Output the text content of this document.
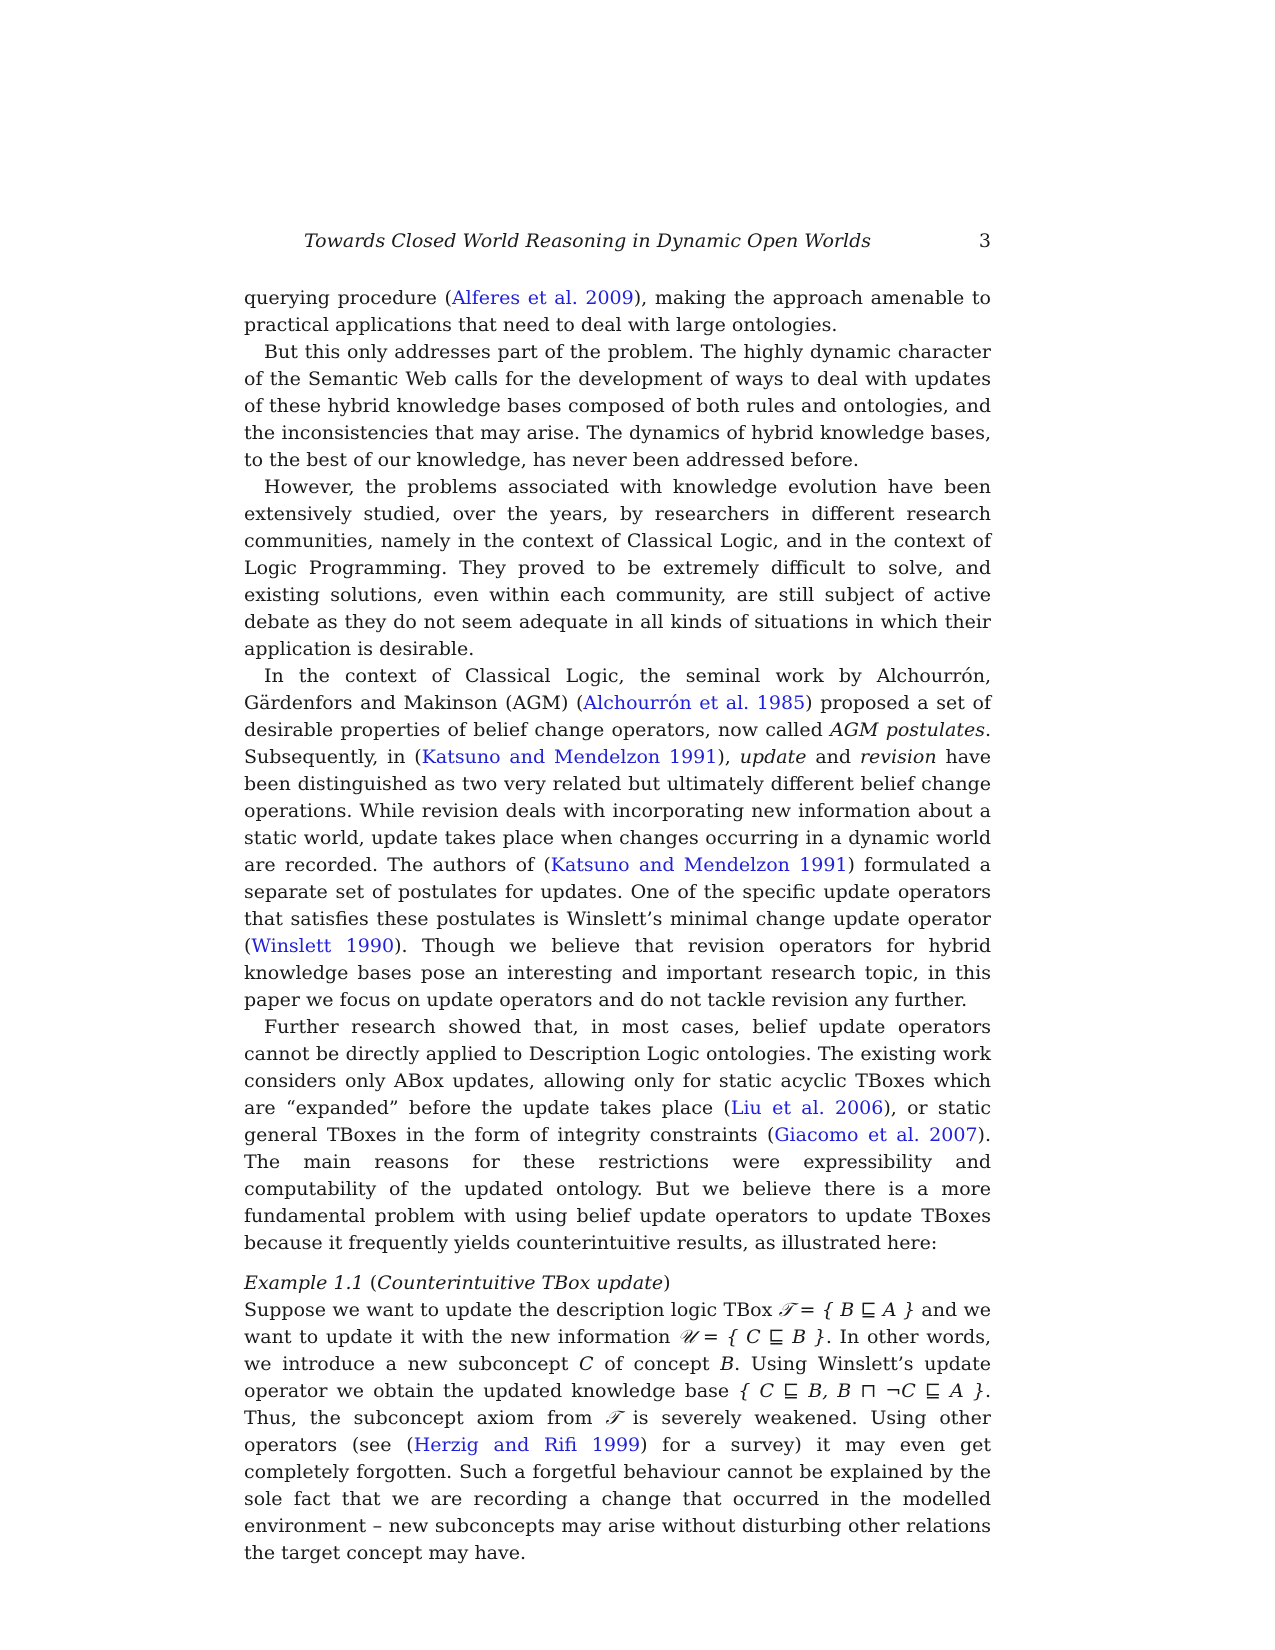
Towards Closed World Reasoning in Dynamic Open Worlds	3

querying procedure (Alferes et al. 2009), making the approach amenable to practical applications that need to deal with large ontologies.

But this only addresses part of the problem. The highly dynamic character of the Semantic Web calls for the development of ways to deal with updates of these hybrid knowledge bases composed of both rules and ontologies, and the inconsistencies that may arise. The dynamics of hybrid knowledge bases, to the best of our knowledge, has never been addressed before.

However, the problems associated with knowledge evolution have been extensively studied, over the years, by researchers in different research communities, namely in the context of Classical Logic, and in the context of Logic Programming. They proved to be extremely difficult to solve, and existing solutions, even within each community, are still subject of active debate as they do not seem adequate in all kinds of situations in which their application is desirable.

In the context of Classical Logic, the seminal work by Alchourrón, Gärdenfors and Makinson (AGM) (Alchourrón et al. 1985) proposed a set of desirable properties of belief change operators, now called AGM postulates. Subsequently, in (Katsuno and Mendelzon 1991), update and revision have been distinguished as two very related but ultimately different belief change operations. While revision deals with incorporating new information about a static world, update takes place when changes occurring in a dynamic world are recorded. The authors of (Katsuno and Mendelzon 1991) formulated a separate set of postulates for updates. One of the specific update operators that satisfies these postulates is Winslett’s minimal change update operator (Winslett 1990). Though we believe that revision operators for hybrid knowledge bases pose an interesting and important research topic, in this paper we focus on update operators and do not tackle revision any further.

Further research showed that, in most cases, belief update operators cannot be directly applied to Description Logic ontologies. The existing work considers only ABox updates, allowing only for static acyclic TBoxes which are “expanded” before the update takes place (Liu et al. 2006), or static general TBoxes in the form of integrity constraints (Giacomo et al. 2007). The main reasons for these restrictions were expressibility and computability of the updated ontology. But we believe there is a more fundamental problem with using belief update operators to update TBoxes because it frequently yields counterintuitive results, as illustrated here:

Example 1.1 (Counterintuitive TBox update)

Suppose we want to update the description logic TBox 𝒯 = { B ⊑ A } and we want to update it with the new information 𝒰 = { C ⊑ B }. In other words, we introduce a new subconcept C of concept B. Using Winslett’s update operator we obtain the updated knowledge base { C ⊑ B, B ⊓ ¬C ⊑ A }. Thus, the subconcept axiom from 𝒯 is severely weakened. Using other operators (see (Herzig and Rifi 1999) for a survey) it may even get completely forgotten. Such a forgetful behaviour cannot be explained by the sole fact that we are recording a change that occurred in the modelled environment – new subconcepts may arise without disturbing other relations the target concept may have.
